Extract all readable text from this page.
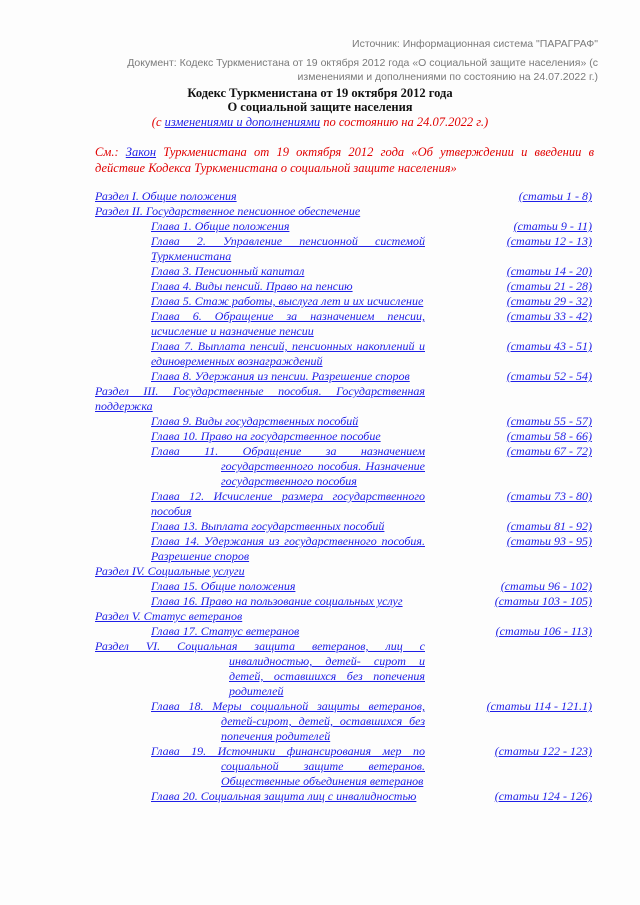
Источник: Информационная система "ПАРАГРАФ"
Документ: Кодекс Туркменистана от 19 октября 2012 года «О социальной защите населения» (с изменениями и дополнениями по состоянию на 24.07.2022 г.)
Кодекс Туркменистана от 19 октября 2012 года
О социальной защите населения
(с изменениями и дополнениями по состоянию на 24.07.2022 г.)
См.: Закон Туркменистана от 19 октября 2012 года «Об утверждении и введении в действие Кодекса Туркменистана о социальной защите населения»
Раздел I. Общие положения	(статьи 1 - 8)
Раздел II. Государственное пенсионное обеспечение
Глава 1. Общие положения	(статьи 9 - 11)
Глава 2. Управление пенсионной системой Туркменистана
(статьи 12 - 13)
Глава 3. Пенсионный капитал	(статьи 14 - 20)
Глава 4. Виды пенсий. Право на пенсию	(статьи 21 - 28)
Глава 5. Стаж работы, выслуга лет и их исчисление	(статьи 29 - 32)
Глава 6. Обращение за назначением пенсии, исчисление и назначение пенсии
(статьи 33 - 42)
Глава 7. Выплата пенсий, пенсионных накоплений и единовременных вознаграждений
(статьи 43 - 51)
Глава 8. Удержания из пенсии. Разрешение споров	(статьи 52 - 54)
Раздел III. Государственные пособия. Государственная поддержка
Глава 9. Виды государственных пособий	(статьи 55 - 57)
Глава 10. Право на государственное пособие	(статьи 58 - 66)
Глава 11. Обращение за назначением государственного пособия. Назначение государственного пособия
(статьи 67 - 72)
Глава 12. Исчисление размера государственного пособия
(статьи 73 - 80)
Глава 13. Выплата государственных пособий	(статьи 81 - 92)
Глава 14. Удержания из государственного пособия. Разрешение споров
(статьи 93 - 95)
Раздел IV. Социальные услуги
Глава 15. Общие положения	(статьи 96 - 102)
Глава 16. Право на пользование социальных услуг	(статьи 103 - 105)
Раздел V. Статус ветеранов
Глава 17. Статус ветеранов	(статьи 106 - 113)
Раздел VI. Социальная защита ветеранов, лиц с инвалидностью, детей- сирот и детей, оставшихся без попечения родителей
Глава 18. Меры социальной защиты ветеранов, детей-сирот, детей, оставшихся без попечения родителей
(статьи 114 - 121.1)
Глава 19. Источники финансирования мер по социальной защите ветеранов. Общественные объединения ветеранов
(статьи 122 - 123)
Глава 20. Социальная защита лиц с инвалидностью	(статьи 124 - 126)
